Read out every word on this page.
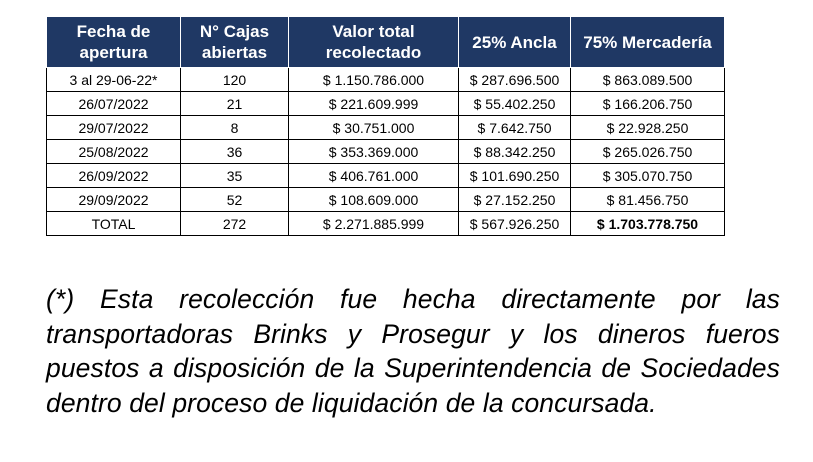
Fecha de apertura	N° Cajas abiertas	Valor total recolectado	25% Ancla	75% Mercadería
3 al 29-06-22*	120	$ 1.150.786.000	$ 287.696.500	$ 863.089.500
26/07/2022	21	$ 221.609.999	$ 55.402.250	$ 166.206.750
29/07/2022	8	$ 30.751.000	$ 7.642.750	$ 22.928.250
25/08/2022	36	$ 353.369.000	$ 88.342.250	$ 265.026.750
26/09/2022	35	$ 406.761.000	$ 101.690.250	$ 305.070.750
29/09/2022	52	$ 108.609.000	$ 27.152.250	$ 81.456.750
TOTAL	272	$ 2.271.885.999	$ 567.926.250	$ 1.703.778.750

(*) Esta recolección fue hecha directamente por las transportadoras Brinks y Prosegur y los dineros fueros puestos a disposición de la Superintendencia de Sociedades dentro del proceso de liquidación de la concursada.
